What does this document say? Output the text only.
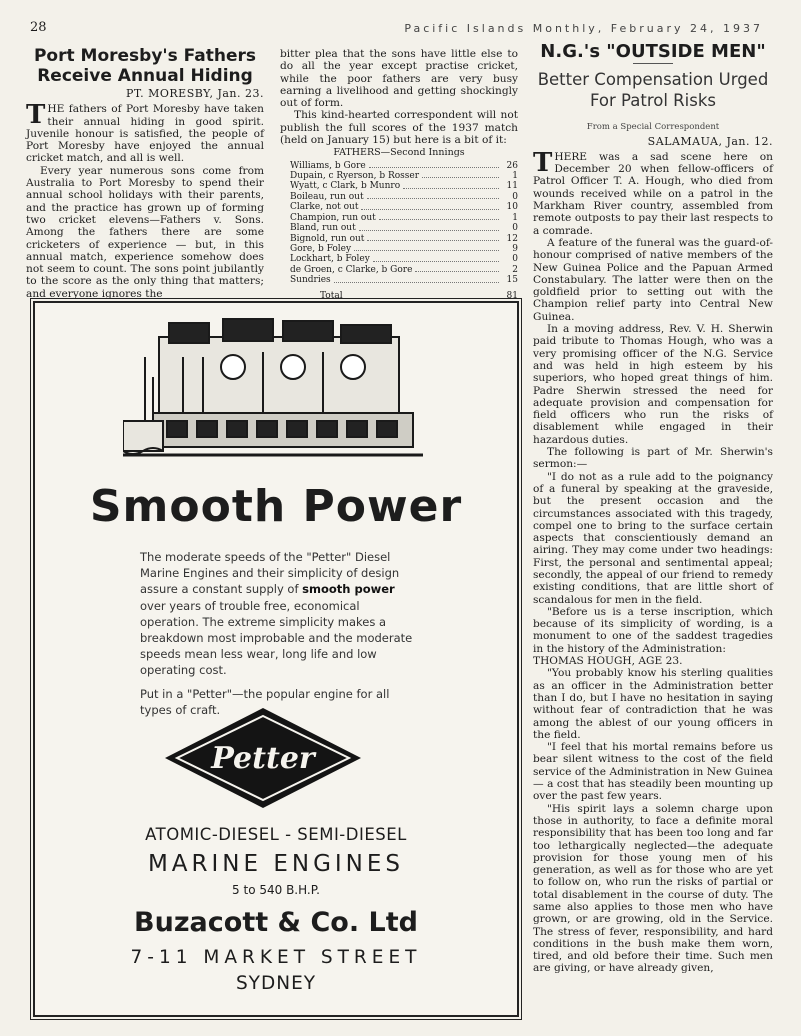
28	Pacific Islands Monthly, February 24, 1937
Port Moresby's Fathers Receive Annual Hiding
PT. MORESBY, Jan. 23.

THE fathers of Port Moresby have taken their annual hiding in good spirit. Juvenile honour is satisfied, the people of Port Moresby have enjoyed the annual cricket match, and all is well.

Every year numerous sons come from Australia to Port Moresby to spend their annual school holidays with their parents, and the practice has grown up of forming two cricket elevens—Fathers v. Sons. Among the fathers there are some cricketers of experience — but, in this annual match, experience somehow does not seem to count. The sons point jubilantly to the score as the only thing that matters; and everyone ignores the

bitter plea that the sons have little else to do all the year except practise cricket, while the poor fathers are very busy earning a livelihood and getting shockingly out of form.

This kind-hearted correspondent will not publish the full scores of the 1937 match (held on January 15) but here is a bit of it:

FATHERS—Second Innings
Williams, b Gore	26
Dupain, c Ryerson, b Rosser	1
Wyatt, c Clark, b Munro	11
Boileau, run out	0
Clarke, not out	10
Champion, run out	1
Bland, run out	0
Bignold, run out	12
Gore, b Foley	9
Lockhart, b Foley	0
de Groen, c Clarke, b Gore	2
Sundries	15
Total	81
Smooth Power

The moderate speeds of the "Petter" Diesel Marine Engines and their simplicity of design assure a constant supply of smooth power over years of trouble free, economical operation. The extreme simplicity makes a breakdown most improbable and the moderate speeds mean less wear, long life and low operating cost.

Put in a "Petter"—the popular engine for all types of craft.

Petter
ATOMIC-DIESEL - SEMI-DIESEL
MARINE ENGINES
5 to 540 B.H.P.
Buzacott & Co. Ltd
7-11 MARKET STREET
SYDNEY
N.G.'s "OUTSIDE MEN"
Better Compensation Urged For Patrol Risks
From a Special Correspondent
SALAMAUA, Jan. 12.

THERE was a sad scene here on December 20 when fellow-officers of Patrol Officer T. A. Hough, who died from wounds received while on a patrol in the Markham River country, assembled from remote outposts to pay their last respects to a comrade.

A feature of the funeral was the guard-of-honour comprised of native members of the New Guinea Police and the Papuan Armed Constabulary. The latter were then on the goldfield prior to setting out with the Champion relief party into Central New Guinea.

In a moving address, Rev. V. H. Sherwin paid tribute to Thomas Hough, who was a very promising officer of the N.G. Service and was held in high esteem by his superiors, who hoped great things of him. Padre Sherwin stressed the need for adequate provision and compensation for field officers who run the risks of disablement while engaged in their hazardous duties.

The following is part of Mr. Sherwin's sermon:—

"I do not as a rule add to the poignancy of a funeral by speaking at the graveside, but the present occasion and the circumstances associated with this tragedy, compel one to bring to the surface certain aspects that conscientiously demand an airing. They may come under two headings: First, the personal and sentimental appeal; secondly, the appeal of our friend to remedy existing conditions, that are little short of scandalous for men in the field.

"Before us is a terse inscription, which because of its simplicity of wording, is a monument to one of the saddest tragedies in the history of the Administration:

THOMAS HOUGH, AGE 23.

"You probably know his sterling qualities as an officer in the Administration better than I do, but I have no hesitation in saying without fear of contradiction that he was among the ablest of our young officers in the field.

"I feel that his mortal remains before us bear silent witness to the cost of the field service of the Administration in New Guinea — a cost that has steadily been mounting up over the past few years.

"His spirit lays a solemn charge upon those in authority, to face a definite moral responsibility that has been too long and far too lethargically neglected—the adequate provision for those young men of his generation, as well as for those who are yet to follow on, who run the risks of partial or total disablement in the course of duty. The same also applies to those men who have grown, or are growing, old in the Service. The stress of fever, responsibility, and hard conditions in the bush make them worn, tired, and old before their time. Such men are giving, or have already given,
